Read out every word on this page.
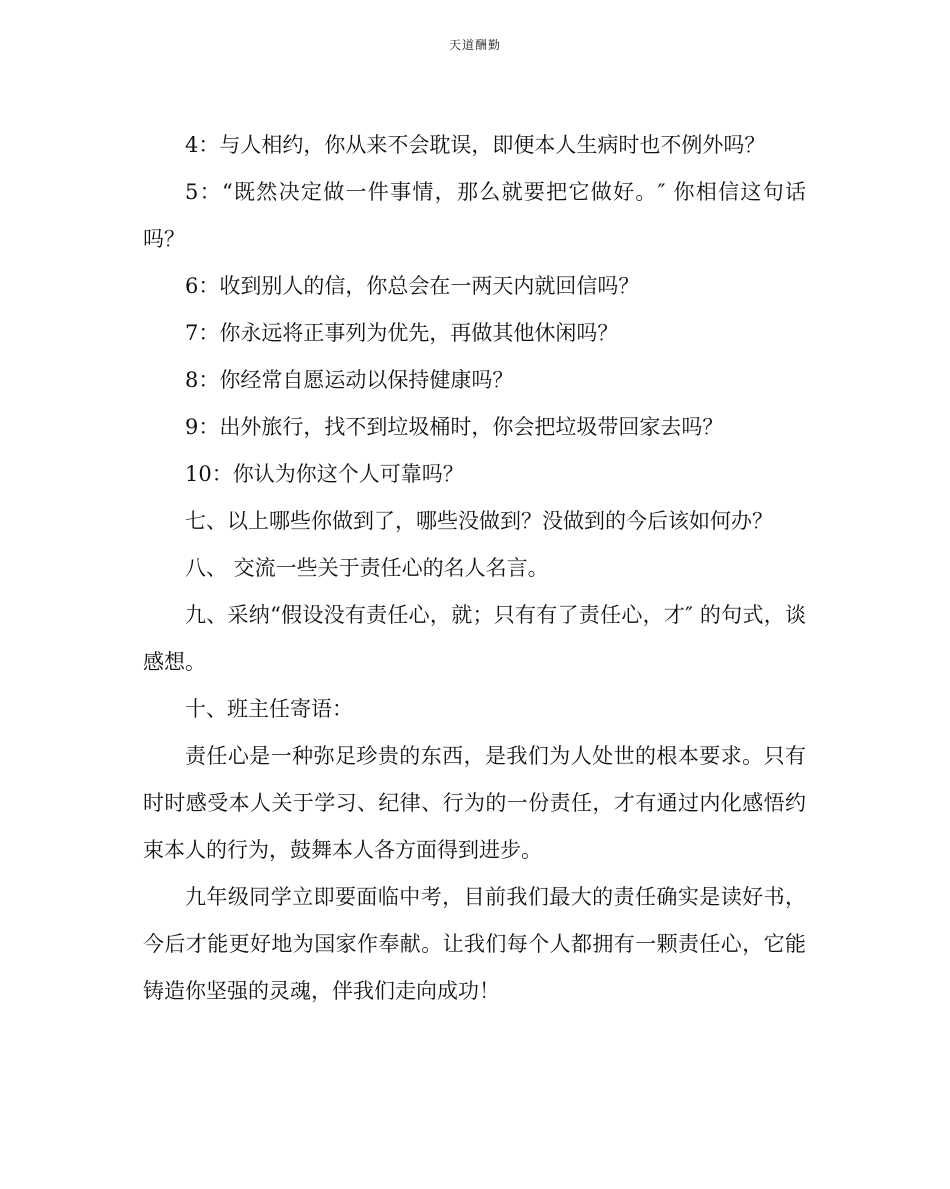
天道酬勤

4：与人相约，你从来不会耽误，即便本人生病时也不例外吗？

5：“既然决定做一件事情，那么就要把它做好。″ 你相信这句话吗？

6：收到别人的信，你总会在一两天内就回信吗？

7：你永远将正事列为优先，再做其他休闲吗？

8：你经常自愿运动以保持健康吗？

9：出外旅行，找不到垃圾桶时，你会把垃圾带回家去吗？

10：你认为你这个人可靠吗？

七、以上哪些你做到了，哪些没做到？没做到的今后该如何办？

八、 交流一些关于责任心的名人名言。

九、采纳“假设没有责任心，就；只有有了责任心，才″ 的句式，谈感想。

十、班主任寄语：

责任心是一种弥足珍贵的东西，是我们为人处世的根本要求。只有时时感受本人关于学习、纪律、行为的一份责任，才有通过内化感悟约束本人的行为，鼓舞本人各方面得到进步。

九年级同学立即要面临中考，目前我们最大的责任确实是读好书，今后才能更好地为国家作奉献。让我们每个人都拥有一颗责任心，它能铸造你坚强的灵魂，伴我们走向成功！
